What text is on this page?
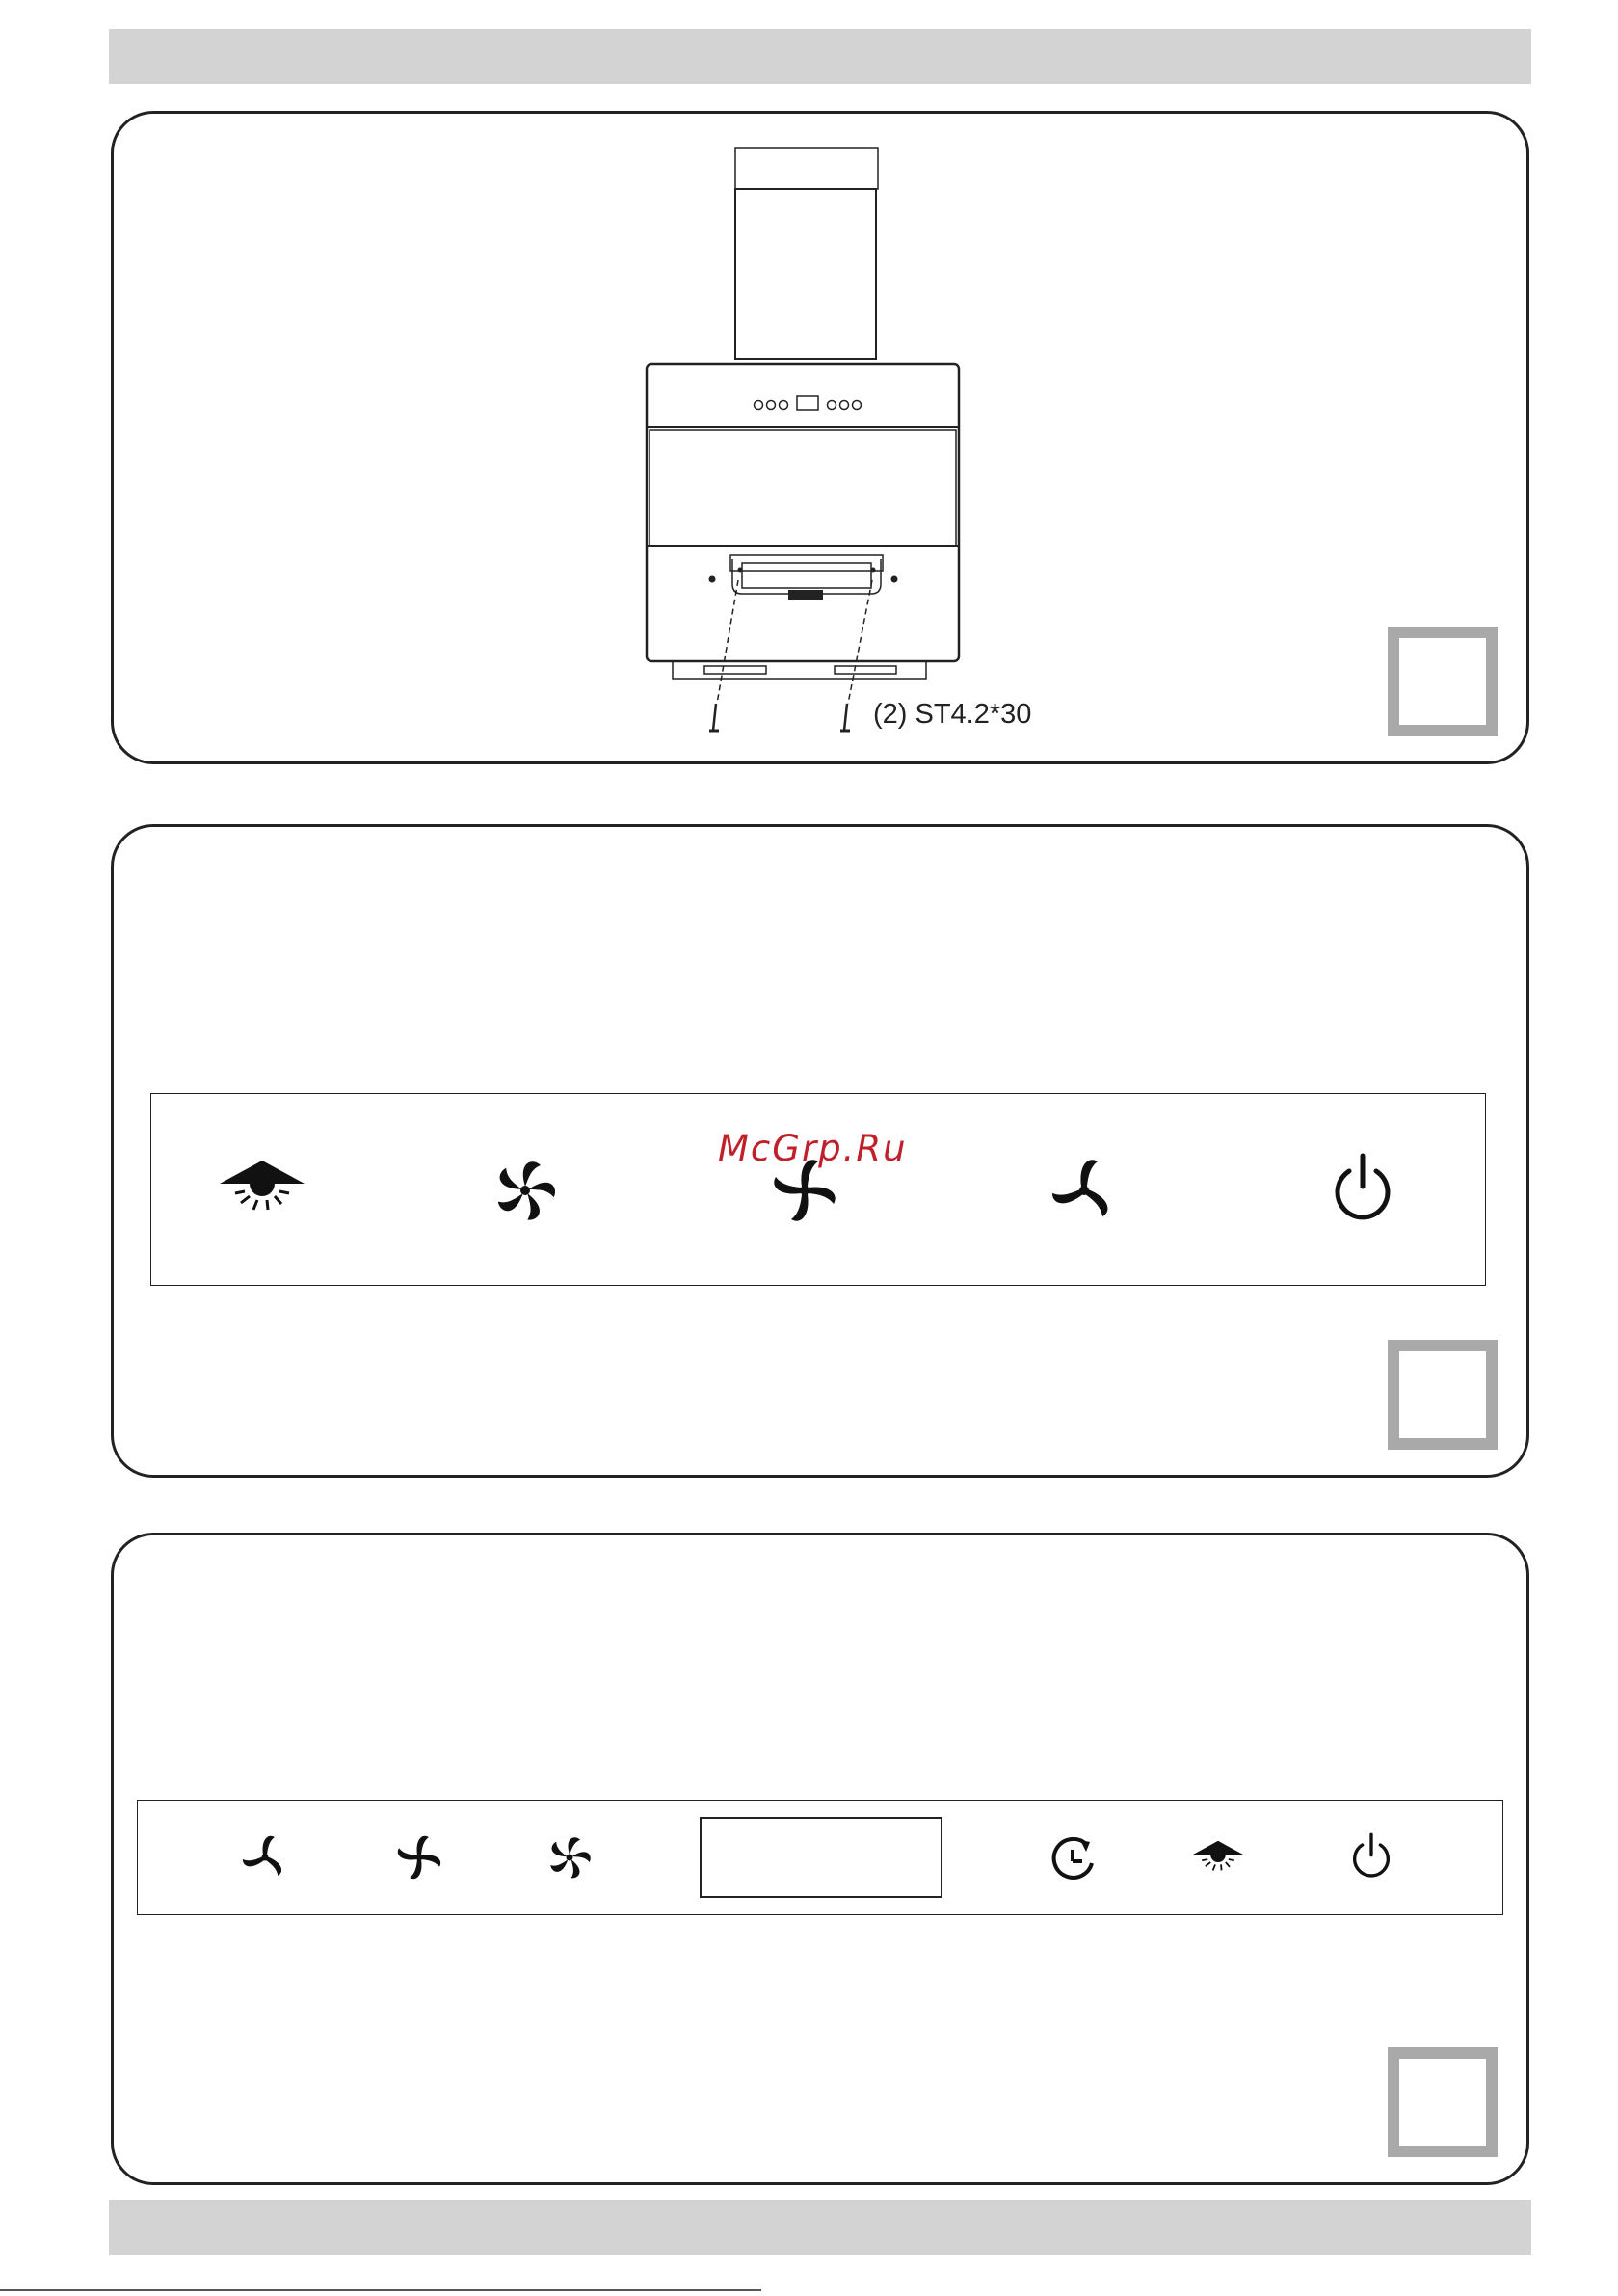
(2) ST4.2*30
McGrp.Ru
